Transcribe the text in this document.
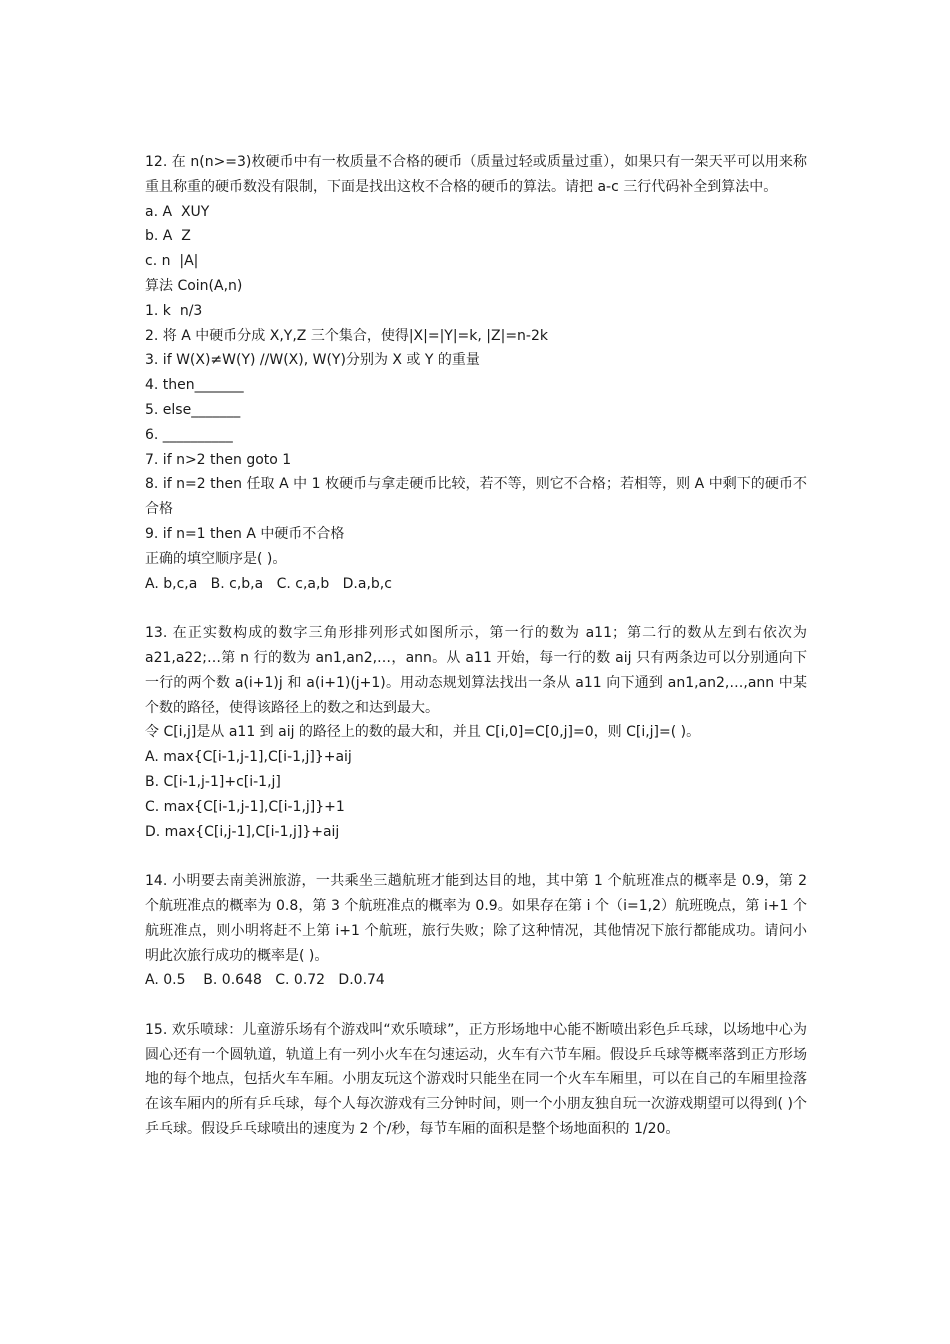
12. 在 n(n>=3)枚硬币中有一枚质量不合格的硬币（质量过轻或质量过重），如果只有一架天平可以用来称重且称重的硬币数没有限制，下面是找出这枚不合格的硬币的算法。请把 a-c 三行代码补全到算法中。
a. A  XUY
b. A  Z
c. n  |A|
算法 Coin(A,n)
1. k  n/3
2. 将 A 中硬币分成 X,Y,Z 三个集合，使得|X|=|Y|=k, |Z|=n-2k
3. if W(X)≠W(Y) //W(X), W(Y)分别为 X 或 Y 的重量
4. then_______
5. else_______
6. __________
7. if n>2 then goto 1
8. if n=2 then 任取 A 中 1 枚硬币与拿走硬币比较，若不等，则它不合格；若相等，则 A 中剩下的硬币不合格
9. if n=1 then A 中硬币不合格
正确的填空顺序是( )。
A. b,c,a   B. c,b,a   C. c,a,b   D.a,b,c
13. 在正实数构成的数字三角形排列形式如图所示，第一行的数为 a11；第二行的数从左到右依次为 a21,a22;…第 n 行的数为 an1,an2,…，ann。从 a11 开始，每一行的数 aij 只有两条边可以分别通向下一行的两个数 a(i+1)j 和 a(i+1)(j+1)。用动态规划算法找出一条从 a11 向下通到 an1,an2,…,ann 中某个数的路径，使得该路径上的数之和达到最大。
令 C[i,j]是从 a11 到 aij 的路径上的数的最大和，并且 C[i,0]=C[0,j]=0，则 C[i,j]=( )。
A. max{C[i-1,j-1],C[i-1,j]}+aij
B. C[i-1,j-1]+c[i-1,j]
C. max{C[i-1,j-1],C[i-1,j]}+1
D. max{C[i,j-1],C[i-1,j]}+aij
14. 小明要去南美洲旅游，一共乘坐三趟航班才能到达目的地，其中第 1 个航班准点的概率是 0.9，第 2 个航班准点的概率为 0.8，第 3 个航班准点的概率为 0.9。如果存在第 i 个（i=1,2）航班晚点，第 i+1 个航班准点，则小明将赶不上第 i+1 个航班，旅行失败；除了这种情况，其他情况下旅行都能成功。请问小明此次旅行成功的概率是( )。
A. 0.5    B. 0.648   C. 0.72   D.0.74
15. 欢乐喷球：儿童游乐场有个游戏叫“欢乐喷球”，正方形场地中心能不断喷出彩色乒乓球，以场地中心为圆心还有一个圆轨道，轨道上有一列小火车在匀速运动，火车有六节车厢。假设乒乓球等概率落到正方形场地的每个地点，包括火车车厢。小朋友玩这个游戏时只能坐在同一个火车车厢里，可以在自己的车厢里捡落在该车厢内的所有乒乓球，每个人每次游戏有三分钟时间，则一个小朋友独自玩一次游戏期望可以得到( )个乒乓球。假设乒乓球喷出的速度为 2 个/秒，每节车厢的面积是整个场地面积的 1/20。
